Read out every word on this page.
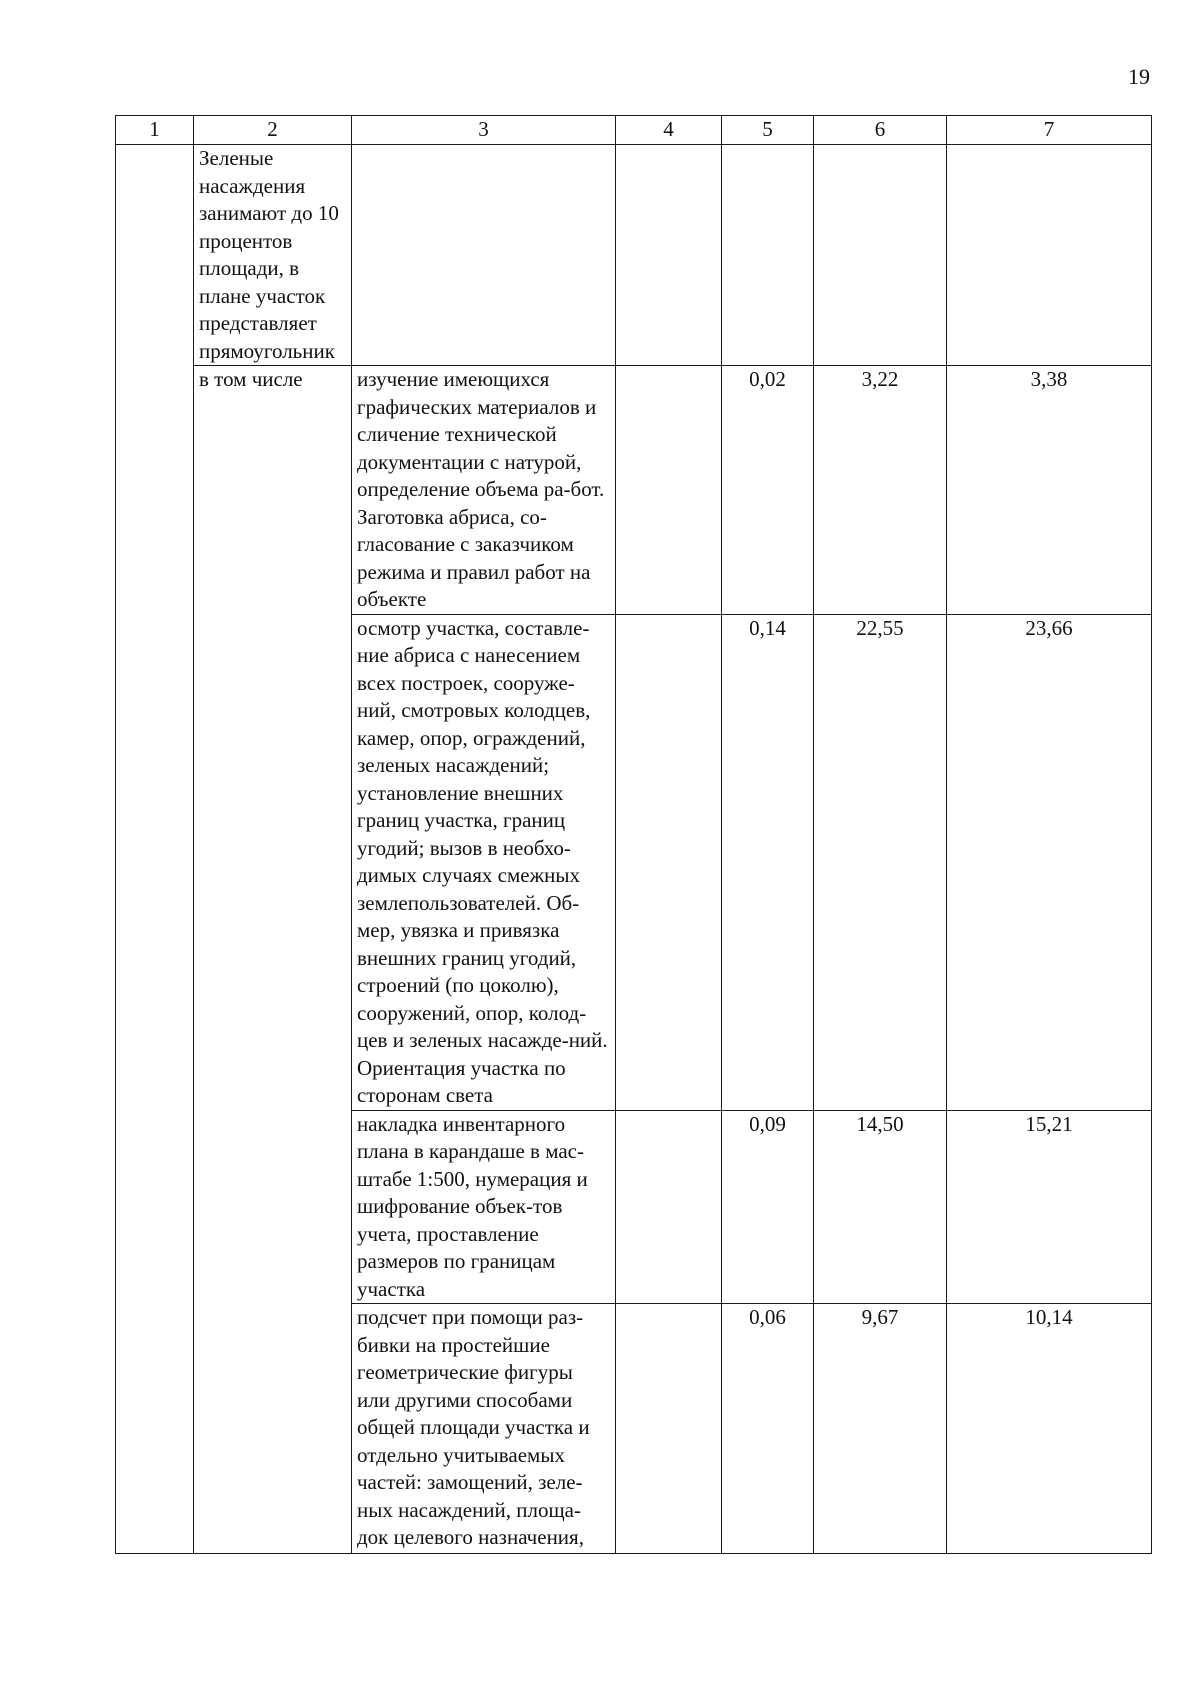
19
1	2	3	4	5	6	7
	Зеленые насаждения занимают до 10 процентов площади, в плане участок представляет прямоугольник					
	в том числе	изучение имеющихся графических материалов и сличение технической документации с натурой, определение объема ра-бот. Заготовка абриса, со-гласование с заказчиком режима и правил работ на объекте		0,02	3,22	3,38
		осмотр участка, составле-ние абриса с нанесением всех построек, сооруже-ний, смотровых колодцев, камер, опор, ограждений, зеленых насаждений; установление внешних границ участка, границ угодий; вызов в необхо-димых случаях смежных землепользователей. Об-мер, увязка и привязка внешних границ угодий, строений (по цоколю), сооружений, опор, колод-цев и зеленых насажде-ний. Ориентация участка по сторонам света		0,14	22,55	23,66
		накладка инвентарного плана в карандаше в мас-штабе 1:500, нумерация и шифрование объек-тов учета, проставление размеров по границам участка		0,09	14,50	15,21
		подсчет при помощи раз-бивки на простейшие геометрические фигуры или другими способами общей площади участка и отдельно учитываемых частей: замощений, зеле-ных насаждений, площа-док целевого назначения,		0,06	9,67	10,14
